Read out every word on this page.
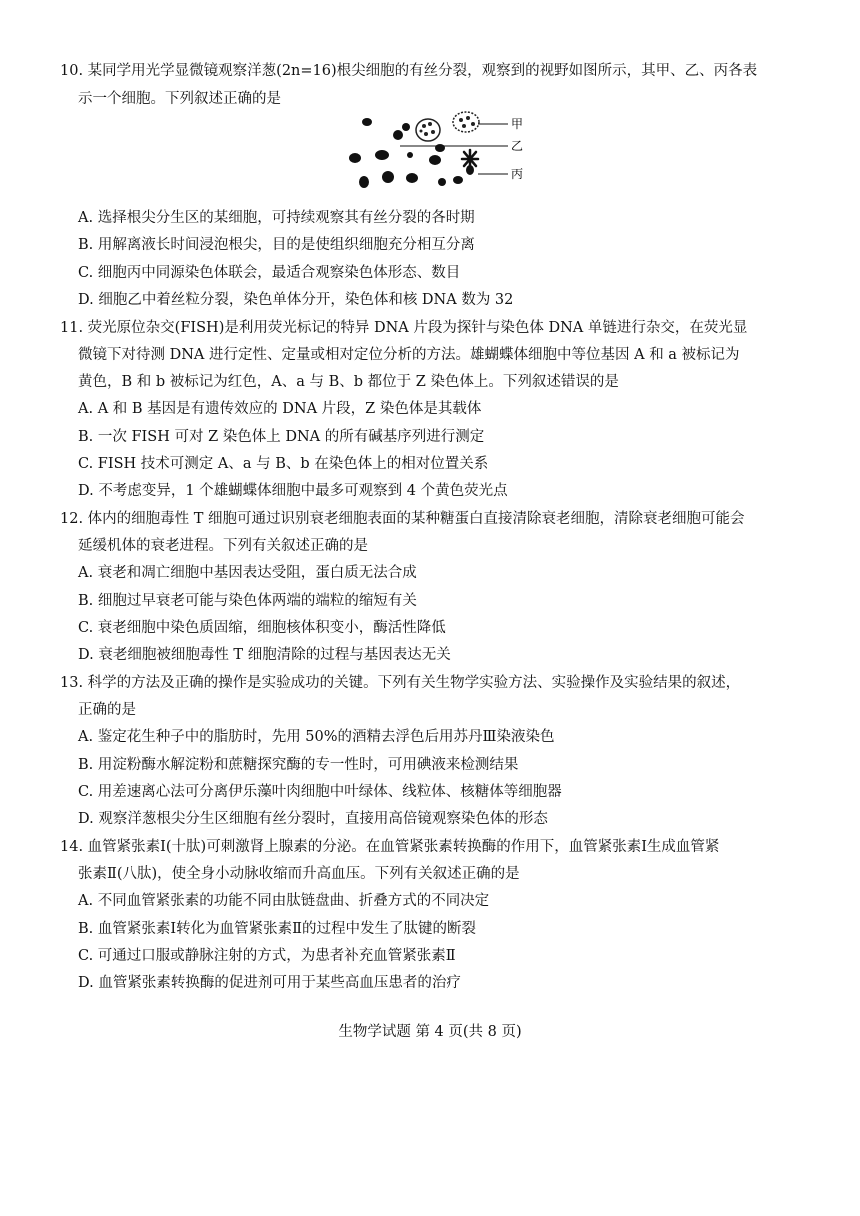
10. 某同学用光学显微镜观察洋葱(2n=16)根尖细胞的有丝分裂，观察到的视野如图所示，其甲、乙、丙各表
示一个细胞。下列叙述正确的是
甲
乙
丙
A. 选择根尖分生区的某细胞，可持续观察其有丝分裂的各时期
B. 用解离液长时间浸泡根尖，目的是使组织细胞充分相互分离
C. 细胞丙中同源染色体联会，最适合观察染色体形态、数目
D. 细胞乙中着丝粒分裂，染色单体分开，染色体和核 DNA 数为 32
11. 荧光原位杂交(FISH)是利用荧光标记的特异 DNA 片段为探针与染色体 DNA 单链进行杂交，在荧光显
微镜下对待测 DNA 进行定性、定量或相对定位分析的方法。雄蝴蝶体细胞中等位基因 A 和 a 被标记为
黄色，B 和 b 被标记为红色，A、a 与 B、b 都位于 Z 染色体上。下列叙述错误的是
A. A 和 B 基因是有遗传效应的 DNA 片段，Z 染色体是其载体
B. 一次 FISH 可对 Z 染色体上 DNA 的所有碱基序列进行测定
C. FISH 技术可测定 A、a 与 B、b 在染色体上的相对位置关系
D. 不考虑变异，1 个雄蝴蝶体细胞中最多可观察到 4 个黄色荧光点
12. 体内的细胞毒性 T 细胞可通过识别衰老细胞表面的某种糖蛋白直接清除衰老细胞，清除衰老细胞可能会
延缓机体的衰老进程。下列有关叙述正确的是
A. 衰老和凋亡细胞中基因表达受阻，蛋白质无法合成
B. 细胞过早衰老可能与染色体两端的端粒的缩短有关
C. 衰老细胞中染色质固缩，细胞核体积变小，酶活性降低
D. 衰老细胞被细胞毒性 T 细胞清除的过程与基因表达无关
13. 科学的方法及正确的操作是实验成功的关键。下列有关生物学实验方法、实验操作及实验结果的叙述，
正确的是
A. 鉴定花生种子中的脂肪时，先用 50%的酒精去浮色后用苏丹Ⅲ染液染色
B. 用淀粉酶水解淀粉和蔗糖探究酶的专一性时，可用碘液来检测结果
C. 用差速离心法可分离伊乐藻叶肉细胞中叶绿体、线粒体、核糖体等细胞器
D. 观察洋葱根尖分生区细胞有丝分裂时，直接用高倍镜观察染色体的形态
14. 血管紧张素Ⅰ(十肽)可刺激肾上腺素的分泌。在血管紧张素转换酶的作用下，血管紧张素Ⅰ生成血管紧
张素Ⅱ(八肽)，使全身小动脉收缩而升高血压。下列有关叙述正确的是
A. 不同血管紧张素的功能不同由肽链盘曲、折叠方式的不同决定
B. 血管紧张素Ⅰ转化为血管紧张素Ⅱ的过程中发生了肽键的断裂
C. 可通过口服或静脉注射的方式，为患者补充血管紧张素Ⅱ
D. 血管紧张素转换酶的促进剂可用于某些高血压患者的治疗
生物学试题 第 4 页(共 8 页)
